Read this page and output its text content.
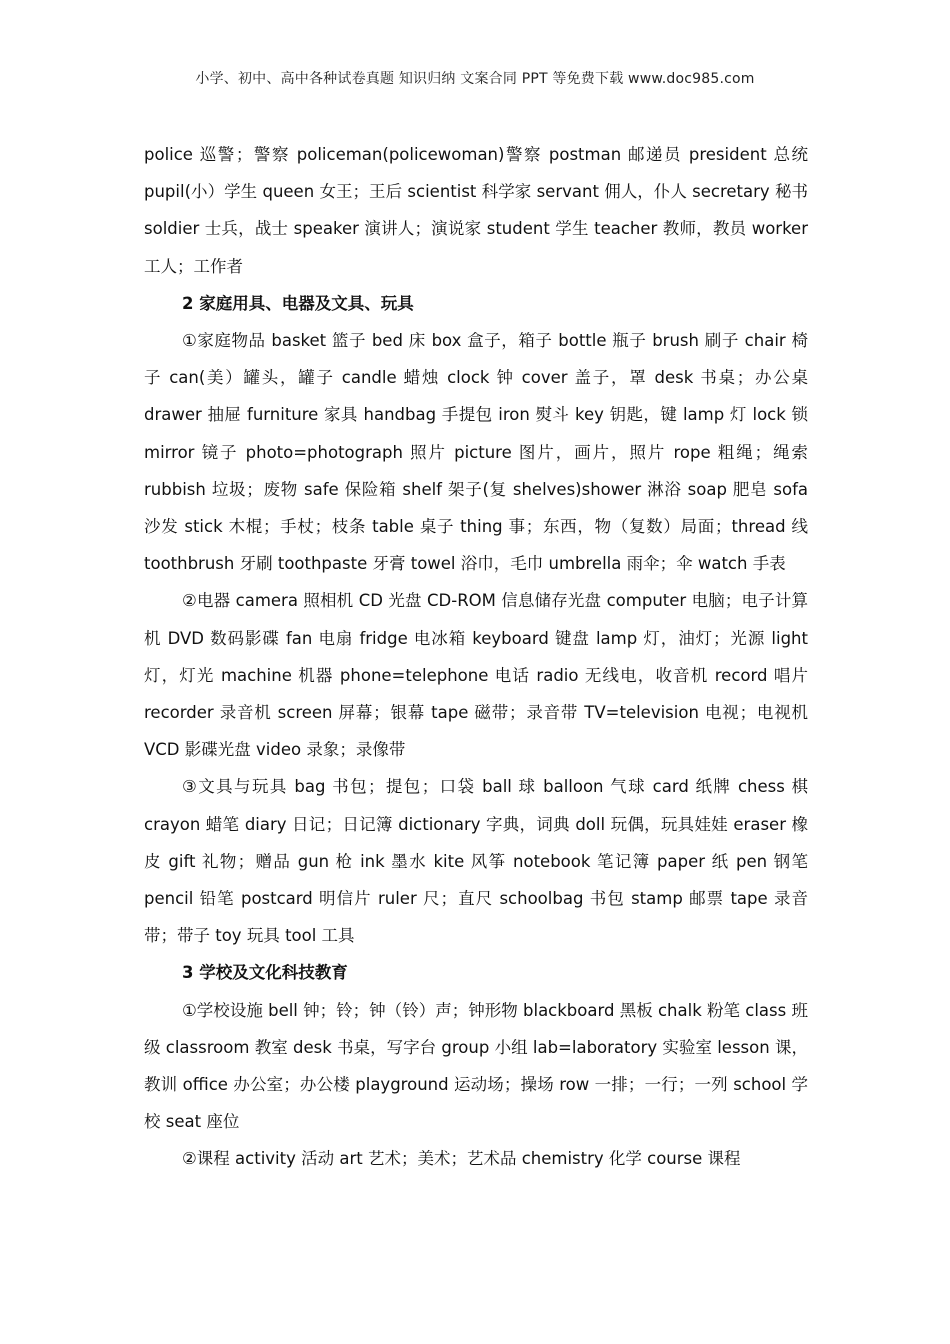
小学、初中、高中各种试卷真题 知识归纳 文案合同 PPT 等免费下载 www.doc985.com

police 巡警；警察 policeman(policewoman)警察 postman 邮递员 president 总统 pupil(小）学生 queen 女王；王后 scientist 科学家 servant 佣人，仆人 secretary 秘书 soldier 士兵，战士 speaker 演讲人；演说家 student 学生 teacher 教师，教员 worker 工人；工作者

2 家庭用具、电器及文具、玩具

①家庭物品 basket 篮子 bed 床 box 盒子，箱子 bottle 瓶子 brush 刷子 chair 椅子 can(美）罐头，罐子 candle 蜡烛 clock 钟 cover 盖子，罩 desk 书桌；办公桌 drawer 抽屉 furniture 家具 handbag 手提包 iron 熨斗 key 钥匙，键 lamp 灯 lock 锁 mirror 镜子 photo=photograph 照片 picture 图片，画片，照片 rope 粗绳；绳索 rubbish 垃圾；废物 safe 保险箱 shelf 架子(复 shelves)shower 淋浴 soap 肥皂 sofa 沙发 stick 木棍；手杖；枝条 table 桌子 thing 事；东西，物（复数）局面；thread 线 toothbrush 牙刷 toothpaste 牙膏 towel 浴巾，毛巾 umbrella 雨伞；伞 watch 手表

②电器 camera 照相机 CD 光盘 CD-ROM 信息储存光盘 computer 电脑；电子计算机 DVD 数码影碟 fan 电扇 fridge 电冰箱 keyboard 键盘 lamp 灯，油灯；光源 light 灯，灯光 machine 机器 phone=telephone 电话 radio 无线电，收音机 record 唱片 recorder 录音机 screen 屏幕；银幕 tape 磁带；录音带 TV=television 电视；电视机 VCD 影碟光盘 video 录象；录像带

③文具与玩具 bag 书包；提包；口袋 ball 球 balloon 气球 card 纸牌 chess 棋 crayon 蜡笔 diary 日记；日记簿 dictionary 字典，词典 doll 玩偶，玩具娃娃 eraser 橡皮 gift 礼物；赠品 gun 枪 ink 墨水 kite 风筝 notebook 笔记簿 paper 纸 pen 钢笔 pencil 铅笔 postcard 明信片 ruler 尺；直尺 schoolbag 书包 stamp 邮票 tape 录音带；带子 toy 玩具 tool 工具

3 学校及文化科技教育

①学校设施 bell 钟；铃；钟（铃）声；钟形物 blackboard 黑板 chalk 粉笔 class 班级 classroom 教室 desk 书桌，写字台 group 小组 lab=laboratory 实验室 lesson 课，教训 office 办公室；办公楼 playground 运动场；操场 row 一排；一行；一列 school 学校 seat 座位

②课程 activity 活动 art 艺术；美术；艺术品 chemistry 化学 course 课程
